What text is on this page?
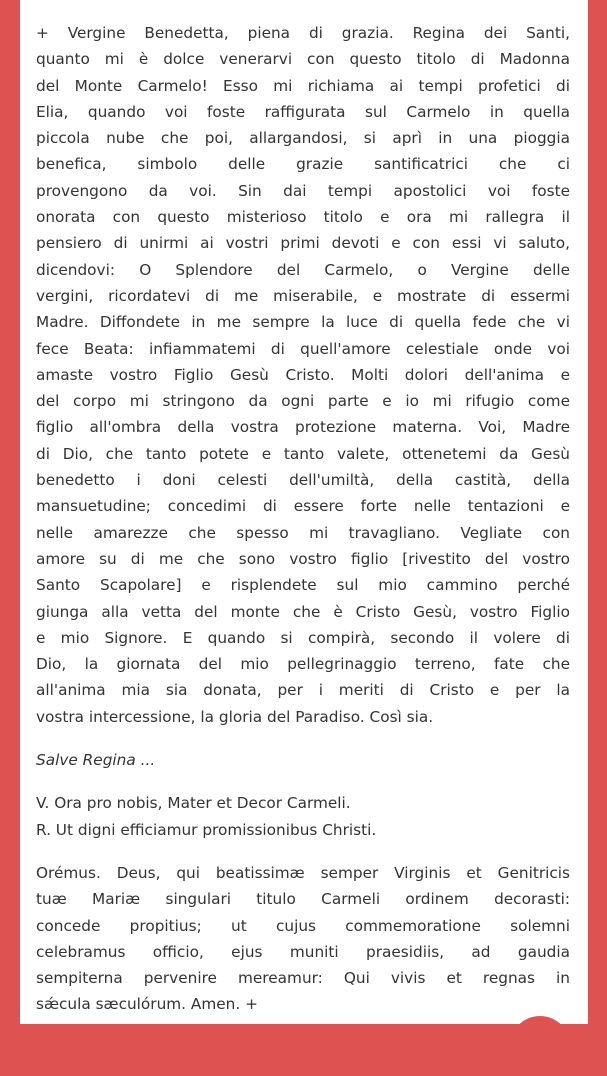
+ Vergine Benedetta, piena di grazia. Regina dei Santi,
quanto mi è dolce venerarvi con questo titolo di Madonna
del Monte Carmelo! Esso mi richiama ai tempi profetici di
Elia, quando voi foste raffigurata sul Carmelo in quella
piccola nube che poi, allargandosi, si aprì in una pioggia
benefica, simbolo delle grazie santificatrici che ci
provengono da voi. Sin dai tempi apostolici voi foste
onorata con questo misterioso titolo e ora mi rallegra il
pensiero di unirmi ai vostri primi devoti e con essi vi saluto,
dicendovi: O Splendore del Carmelo, o Vergine delle
vergini, ricordatevi di me miserabile, e mostrate di essermi
Madre. Diffondete in me sempre la luce di quella fede che vi
fece Beata: infiammatemi di quell'amore celestiale onde voi
amaste vostro Figlio Gesù Cristo. Molti dolori dell'anima e
del corpo mi stringono da ogni parte e io mi rifugio come
figlio all'ombra della vostra protezione materna. Voi, Madre
di Dio, che tanto potete e tanto valete, ottenetemi da Gesù
benedetto i doni celesti dell'umiltà, della castità, della
mansuetudine; concedimi di essere forte nelle tentazioni e
nelle amarezze che spesso mi travagliano. Vegliate con
amore su di me che sono vostro figlio [rivestito del vostro
Santo Scapolare] e risplendete sul mio cammino perché
giunga alla vetta del monte che è Cristo Gesù, vostro Figlio
e mio Signore. E quando si compirà, secondo il volere di
Dio, la giornata del mio pellegrinaggio terreno, fate che
all'anima mia sia donata, per i meriti di Cristo e per la
vostra intercessione, la gloria del Paradiso. Così sia.
Salve Regina ...
V. Ora pro nobis, Mater et Decor Carmeli.
R. Ut digni efficiamur promissionibus Christi.
Orémus. Deus, qui beatissimæ semper Virginis et Genitricis
tuæ Mariæ singulari titulo Carmeli ordinem decorasti:
concede propitius; ut cujus commemoratione solemni
celebramus officio, ejus muniti praesidiis, ad gaudia
sempiterna pervenire mereamur: Qui vivis et regnas in
sǽcula sæculórum. Amen. +
